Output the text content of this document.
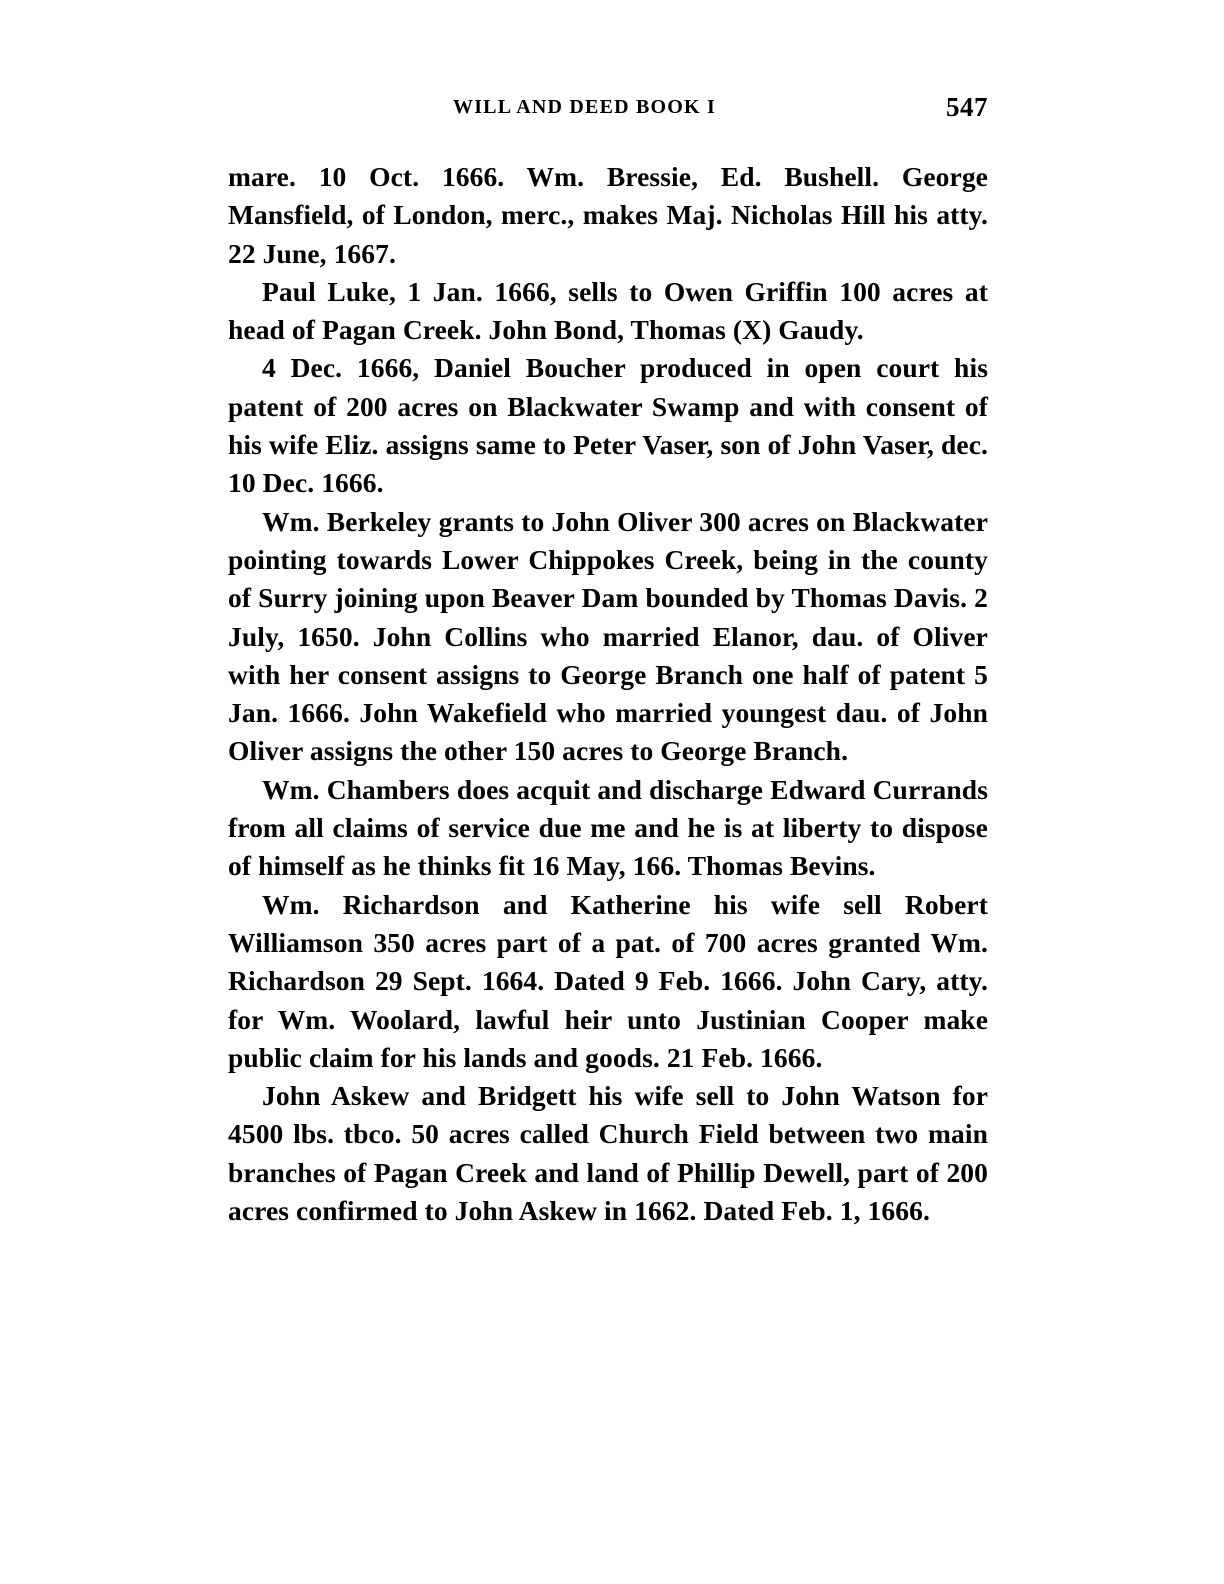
WILL AND DEED BOOK I	547

mare. 10 Oct. 1666. Wm. Bressie, Ed. Bushell. George Mansfield, of London, merc., makes Maj. Nicholas Hill his atty. 22 June, 1667.

Paul Luke, 1 Jan. 1666, sells to Owen Griffin 100 acres at head of Pagan Creek. John Bond, Thomas (X) Gaudy.

4 Dec. 1666, Daniel Boucher produced in open court his patent of 200 acres on Blackwater Swamp and with consent of his wife Eliz. assigns same to Peter Vaser, son of John Vaser, dec. 10 Dec. 1666.

Wm. Berkeley grants to John Oliver 300 acres on Blackwater pointing towards Lower Chippokes Creek, being in the county of Surry joining upon Beaver Dam bounded by Thomas Davis. 2 July, 1650. John Collins who married Elanor, dau. of Oliver with her consent assigns to George Branch one half of patent 5 Jan. 1666. John Wakefield who married youngest dau. of John Oliver assigns the other 150 acres to George Branch.

Wm. Chambers does acquit and discharge Edward Currands from all claims of service due me and he is at liberty to dispose of himself as he thinks fit 16 May, 166. Thomas Bevins.

Wm. Richardson and Katherine his wife sell Robert Williamson 350 acres part of a pat. of 700 acres granted Wm. Richardson 29 Sept. 1664. Dated 9 Feb. 1666. John Cary, atty. for Wm. Woolard, lawful heir unto Justinian Cooper make public claim for his lands and goods. 21 Feb. 1666.

John Askew and Bridgett his wife sell to John Watson for 4500 lbs. tbco. 50 acres called Church Field between two main branches of Pagan Creek and land of Phillip Dewell, part of 200 acres confirmed to John Askew in 1662. Dated Feb. 1, 1666.
